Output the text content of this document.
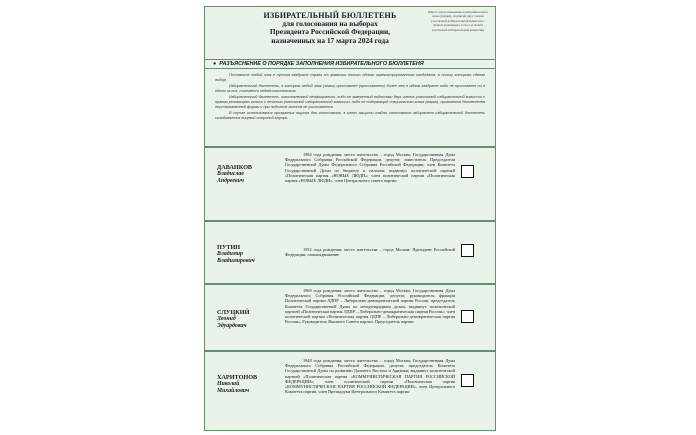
ИЗБИРАТЕЛЬНЫЙ БЮЛЛЕТЕНЬ
для голосования на выборах
Президента Российской Федерации,
назначенных на 17 марта 2024 года
(Место для размещения полиграфического знака (марки), подписей двух членов участковой избирательной комиссии с правом решающего голоса и печати участковой избирательной комиссии)
● РАЗЪЯСНЕНИЕ О ПОРЯДКЕ ЗАПОЛНЕНИЯ ИЗБИРАТЕЛЬНОГО БЮЛЛЕТЕНЯ

Поставьте любой знак в пустом квадрате справа от фамилии только одного зарегистрированного кандидата, в пользу которого сделан выбор.

Избирательный бюллетень, в котором любой знак (знаки) проставлен (проставлены) более чем в одном квадрате либо не проставлен ни в одном из них, считается недействительным.

Избирательный бюллетень, изготовленный неофициально, либо не заверенный подписями двух членов участковой избирательной комиссии с правом решающего голоса и печатью участковой избирательной комиссии, либо не содержащий специального знака (марки), признается бюллетенем неустановленной формы и при подсчете голосов не учитывается.

В случае использования прозрачных ящиков для голосования, в целях защиты тайны голосования избирателя избирательный бюллетень складывается лицевой стороной внутрь.

ДАВАНКОВ
Владислав
Андреевич
1984 года рождения; место жительства – город Москва; Государственная Дума Федерального Собрания Российской Федерации, депутат, заместитель Председателя Государственной Думы Федерального Собрания Российской Федерации, член Комитета Государственной Думы по бюджету и налогам; выдвинут политической партией «Политическая партия «НОВЫЕ ЛЮДИ»; член политической партии «Политическая партия «НОВЫЕ ЛЮДИ», член Центрального совета партии
ПУТИН
Владимир
Владимирович
1952 года рождения; место жительства – город Москва; Президент Российской Федерации; самовыдвижение
СЛУЦКИЙ
Леонид
Эдуардович
1968 года рождения; место жительства – город Москва; Государственная Дума Федерального Собрания Российской Федерации, депутат, руководитель фракции Политической партии ЛДПР – Либерально-демократической партии России, председатель Комитета Государственной Думы по международным делам; выдвинут политической партией «Политическая партия ЛДПР – Либерально-демократическая партия России»; член политической партии «Политическая партия ЛДПР – Либерально-демократическая партия России», Руководитель Высшего Совета партии, Председатель партии
ХАРИТОНОВ
Николай
Михайлович
1948 года рождения; место жительства – город Москва; Государственная Дума Федерального Собрания Российской Федерации, депутат, председатель Комитета Государственной Думы по развитию Дальнего Востока и Арктики; выдвинут политической партией «Политическая партия «КОММУНИСТИЧЕСКАЯ ПАРТИЯ РОССИЙСКОЙ ФЕДЕРАЦИИ»; член политической партии «Политическая партия «КОММУНИСТИЧЕСКАЯ ПАРТИЯ РОССИЙСКОЙ ФЕДЕРАЦИИ», член Центрального Комитета партии, член Президиума Центрального Комитета партии
